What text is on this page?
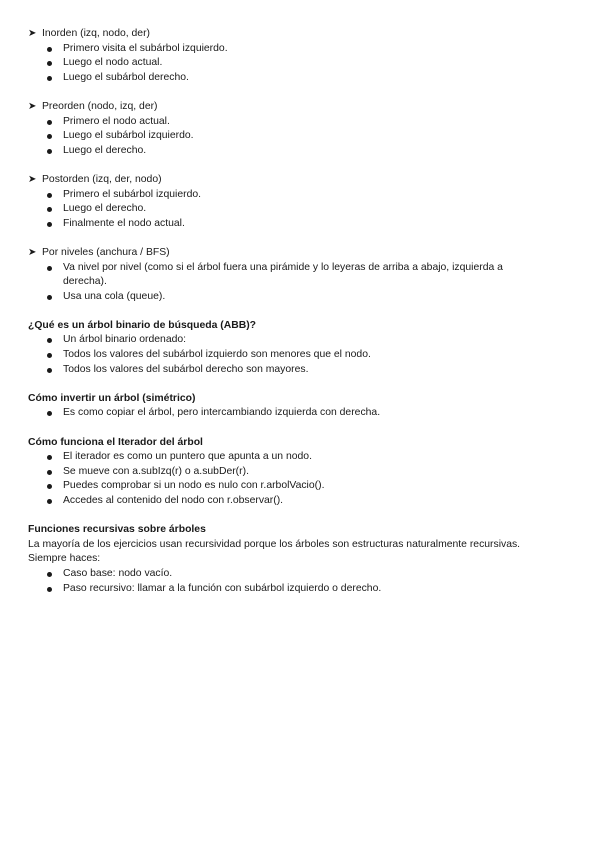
➤ Inorden (izq, nodo, der)
Primero visita el subárbol izquierdo.
Luego el nodo actual.
Luego el subárbol derecho.
➤ Preorden (nodo, izq, der)
Primero el nodo actual.
Luego el subárbol izquierdo.
Luego el derecho.
➤ Postorden (izq, der, nodo)
Primero el subárbol izquierdo.
Luego el derecho.
Finalmente el nodo actual.
➤ Por niveles (anchura / BFS)
Va nivel por nivel (como si el árbol fuera una pirámide y lo leyeras de arriba a abajo, izquierda a derecha).
Usa una cola (queue).
¿Qué es un árbol binario de búsqueda (ABB)?
Un árbol binario ordenado:
Todos los valores del subárbol izquierdo son menores que el nodo.
Todos los valores del subárbol derecho son mayores.
Cómo invertir un árbol (simétrico)
Es como copiar el árbol, pero intercambiando izquierda con derecha.
Cómo funciona el Iterador del árbol
El iterador es como un puntero que apunta a un nodo.
Se mueve con a.subIzq(r) o a.subDer(r).
Puedes comprobar si un nodo es nulo con r.arbolVacio().
Accedes al contenido del nodo con r.observar().
Funciones recursivas sobre árboles
La mayoría de los ejercicios usan recursividad porque los árboles son estructuras naturalmente recursivas.
Siempre haces:
Caso base: nodo vacío.
Paso recursivo: llamar a la función con subárbol izquierdo o derecho.
